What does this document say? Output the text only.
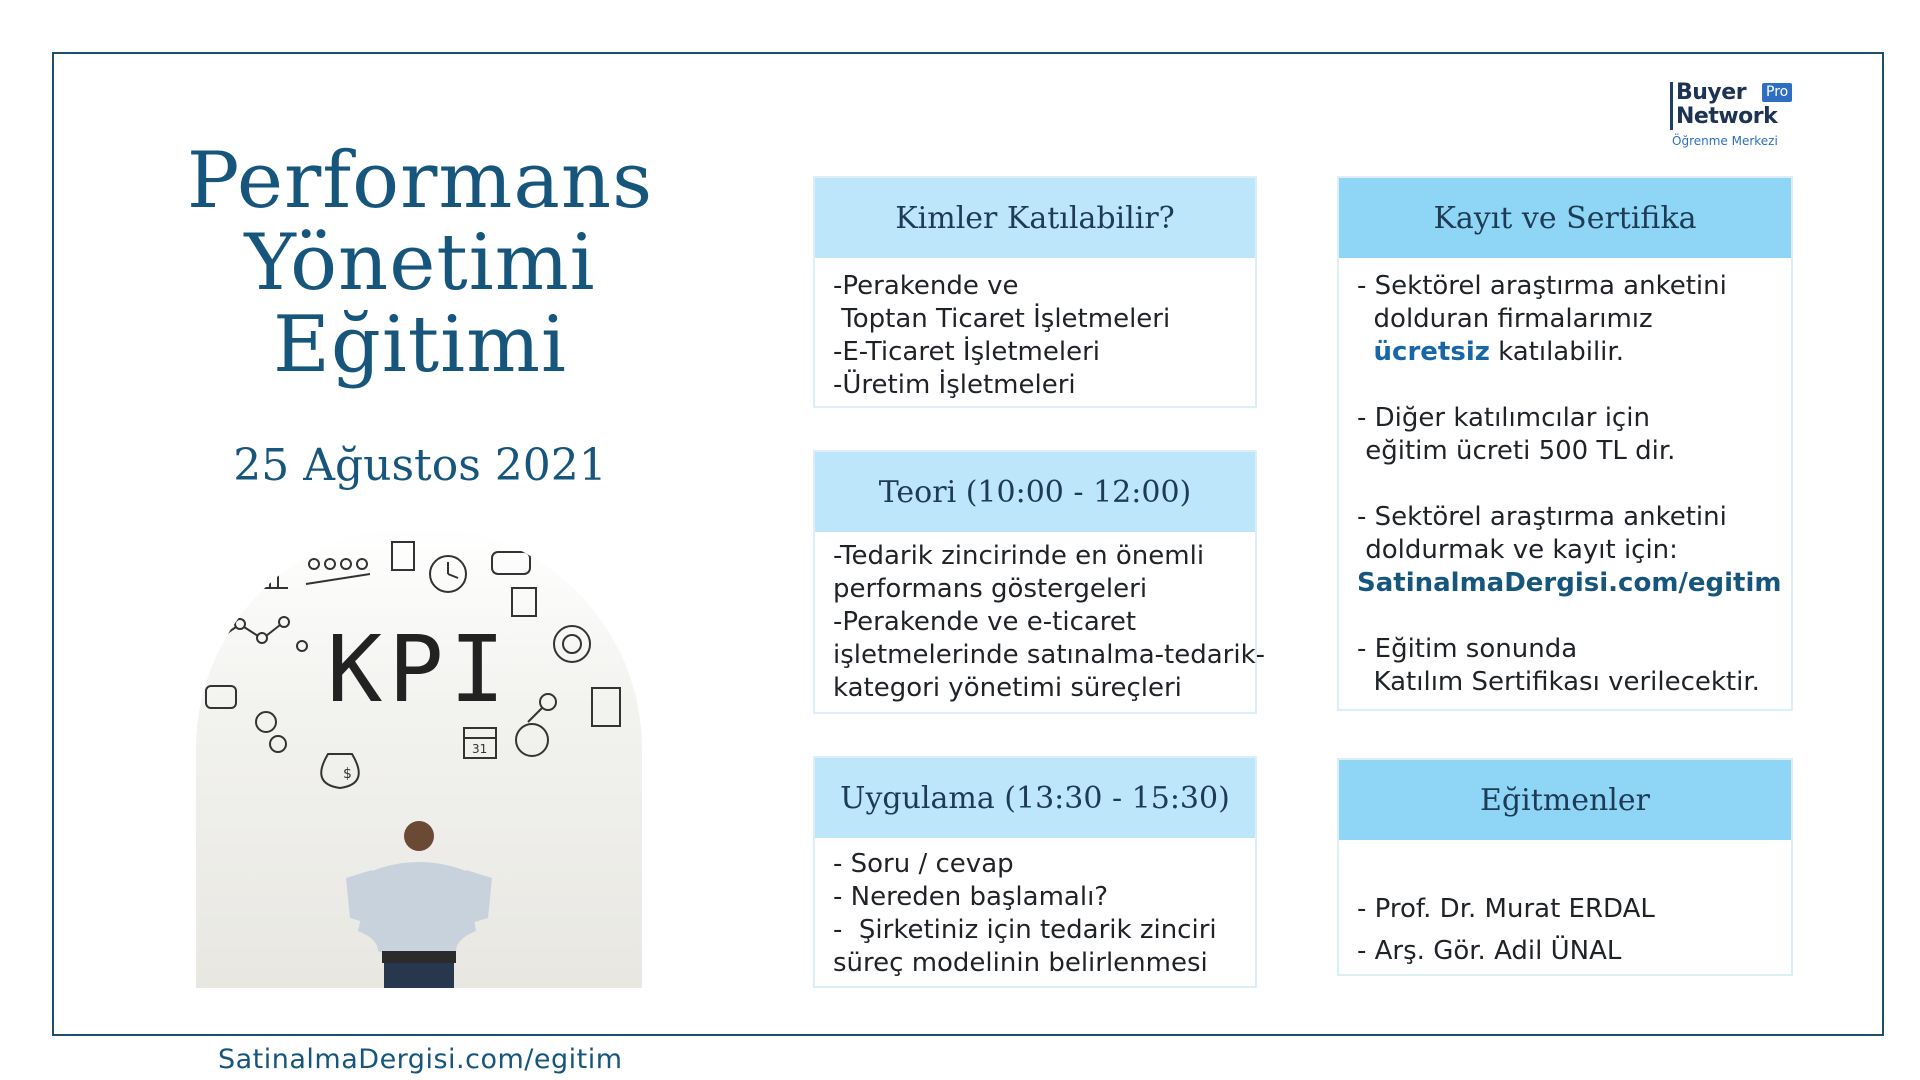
Buyer Pro
Network
Öğrenme Merkezi
Performans
Yönetimi
Eğitimi
25 Ağustos 2021
$
31
KPI
Kimler Katılabilir?
-Perakende ve
Toptan Ticaret İşletmeleri
-E-Ticaret İşletmeleri
-Üretim İşletmeleri
Teori (10:00 - 12:00)
-Tedarik zincirinde en önemli
performans göstergeleri
-Perakende ve e-ticaret
işletmelerinde satınalma-tedarik-
kategori yönetimi süreçleri
Uygulama (13:30 - 15:30)
- Soru / cevap
- Nereden başlamalı?
-  Şirketiniz için tedarik zinciri
süreç modelinin belirlenmesi
Kayıt ve Sertifika
- Sektörel araştırma anketini
dolduran firmalarımız
ücretsiz katılabilir.
- Diğer katılımcılar için
eğitim ücreti 500 TL dir.
- Sektörel araştırma anketini
doldurmak ve kayıt için:
SatinalmaDergisi.com/egitim
- Eğitim sonunda
Katılım Sertifikası verilecektir.
Eğitmenler
- Prof. Dr. Murat ERDAL
- Arş. Gör. Adil ÜNAL
SatinalmaDergisi.com/egitim
